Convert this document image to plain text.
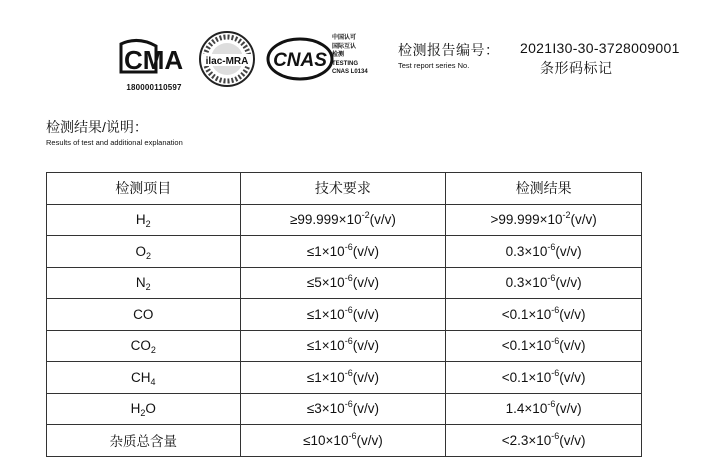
CMA
180000110597
ilac-MRA CNAS
中国认可
国际互认
检测
TESTING
CNAS L0134
检测报告编号：
Test report series No.
2021I30-30-3728009001
条形码标记
检测结果/说明：
Results of test and additional explanation
检测项目	技术要求	检测结果
$H_2$	$\ge 99.999\times 10^{-2}(v/v)$	$>99.999\times 10^{-2}(v/v)$
$O_2$	$\le 1\times 10^{-6}(v/v)$	$0.3\times 10^{-6}(v/v)$
$N_2$	$\le 5\times 10^{-6}(v/v)$	$0.3\times 10^{-6}(v/v)$
CO	$\le 1\times 10^{-6}(v/v)$	$<0.1\times 10^{-6}(v/v)$
$CO_2$	$\le 1\times 10^{-6}(v/v)$	$<0.1\times 10^{-6}(v/v)$
$CH_4$	$\le 1\times 10^{-6}(v/v)$	$<0.1\times 10^{-6}(v/v)$
$H_2O$	$\le 3\times 10^{-6}(v/v)$	$1.4\times 10^{-6}(v/v)$
杂质总含量	$\le 10\times 10^{-6}(v/v)$	$<2.3\times 10^{-6}(v/v)$
